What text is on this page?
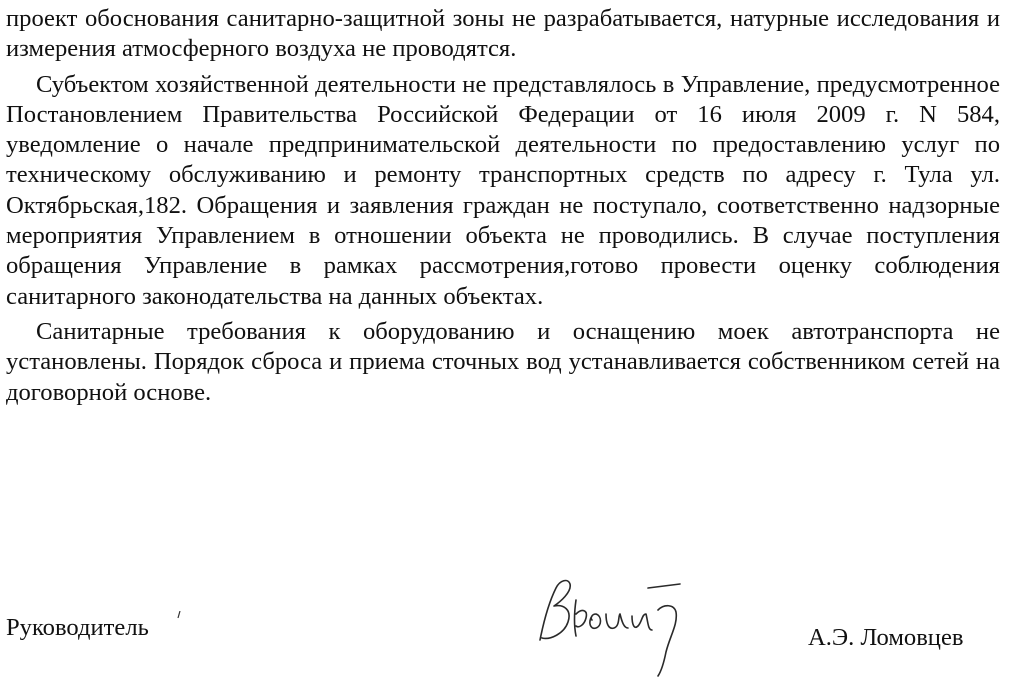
проект обоснования санитарно-защитной зоны не разрабатывается, натурные исследования и измерения атмосферного воздуха не проводятся.

Субъектом хозяйственной деятельности не представлялось в Управление, предусмотренное Постановлением Правительства Российской Федерации от 16 июля 2009 г. N 584, уведомление о начале предпринимательской деятельности по предоставлению услуг по техническому обслуживанию и ремонту транспортных средств по адресу г. Тула ул. Октябрьская,182. Обращения и заявления граждан не поступало, соответственно надзорные мероприятия Управлением в отношении объекта не проводились. В случае поступления обращения Управление в рамках рассмотрения,готово провести оценку соблюдения санитарного законодательства на данных объектах.

Санитарные требования к оборудованию и оснащению моек автотранспорта не установлены. Порядок сброса и приема сточных вод устанавливается собственником сетей на договорной основе.

Руководитель	А.Э. Ломовцев
